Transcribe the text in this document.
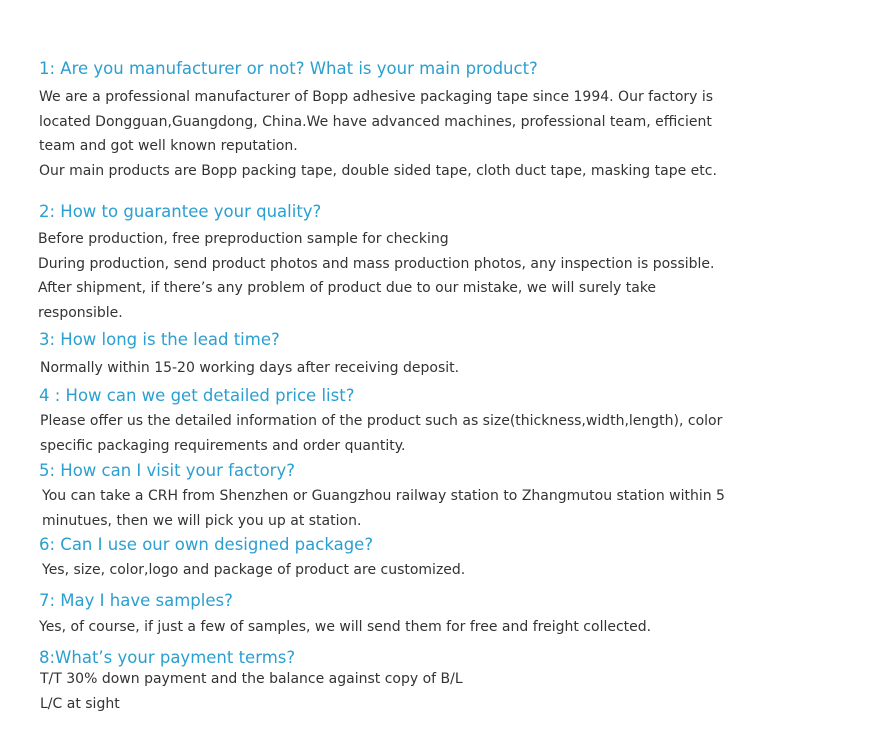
1: Are you manufacturer or not? What is your main product?

We are a professional manufacturer of Bopp adhesive packaging tape since 1994. Our factory is

located Dongguan,Guangdong, China.We have advanced machines, professional team, efficient

team and got well known reputation.

Our main products are Bopp packing tape, double sided tape, cloth duct tape, masking tape etc.

2: How to guarantee your quality?

Before production, free preproduction sample for checking

During production, send product photos and mass production photos, any inspection is possible.

After shipment, if there’s any problem of product due to our mistake, we will surely take

responsible.

3: How long is the lead time?

Normally within 15-20 working days after receiving deposit.

4 : How can we get detailed price list?

Please offer us the detailed information of the product such as size(thickness,width,length), color

specific packaging requirements and order quantity.

5: How can I visit your factory?

You can take a CRH from Shenzhen or Guangzhou railway station to Zhangmutou station within 5

minutues, then we will pick you up at station.

6: Can I use our own designed package?

Yes, size, color,logo and package of product are customized.

7: May I have samples?

Yes, of course, if just a few of samples, we will send them for free and freight collected.

8:What’s your payment terms?

T/T 30% down payment and the balance against copy of B/L

L/C at sight
